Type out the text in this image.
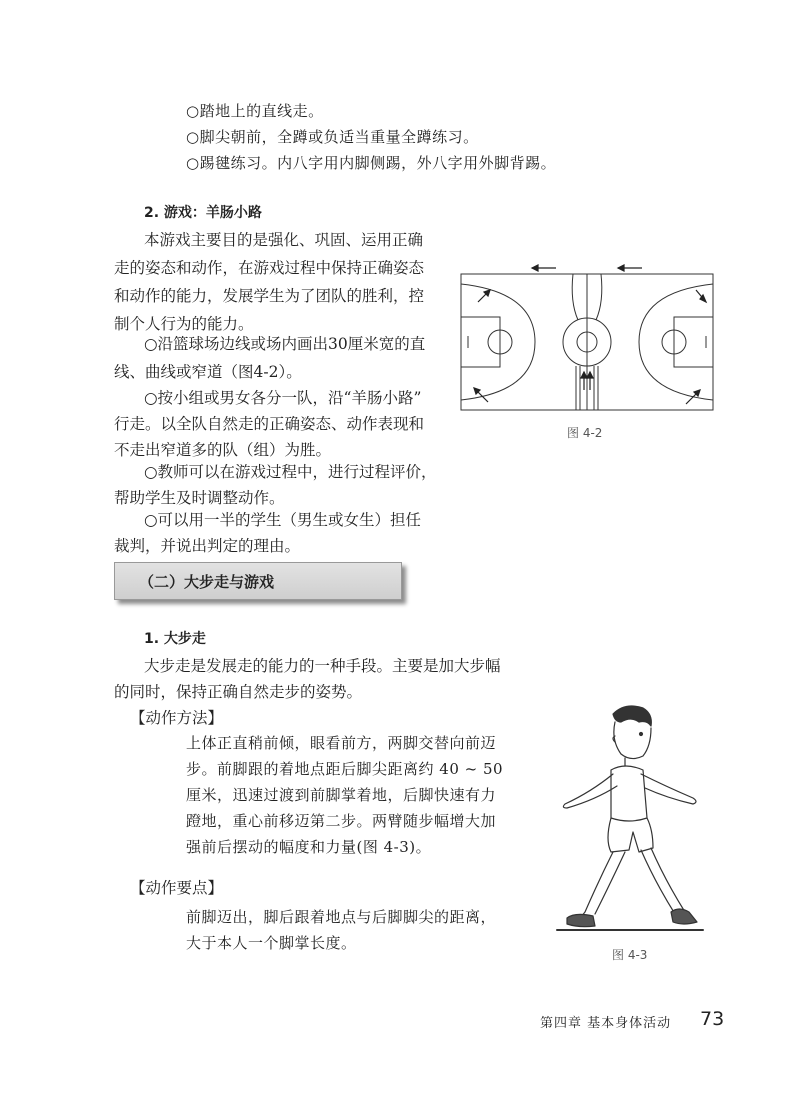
○踏地上的直线走。
○脚尖朝前，全蹲或负适当重量全蹲练习。
○踢毽练习。内八字用内脚侧踢，外八字用外脚背踢。
2. 游戏：羊肠小路
本游戏主要目的是强化、巩固、运用正确
走的姿态和动作，在游戏过程中保持正确姿态
和动作的能力，发展学生为了团队的胜利，控
制个人行为的能力。
○沿篮球场边线或场内画出30厘米宽的直
线、曲线或窄道（图4-2）。
○按小组或男女各分一队，沿“羊肠小路”
行走。以全队自然走的正确姿态、动作表现和
不走出窄道多的队（组）为胜。
○教师可以在游戏过程中，进行过程评价，
帮助学生及时调整动作。
○可以用一半的学生（男生或女生）担任
裁判，并说出判定的理由。
图 4-2
（二）大步走与游戏
1. 大步走
大步走是发展走的能力的一种手段。主要是加大步幅
的同时，保持正确自然走步的姿势。
【动作方法】
上体正直稍前倾，眼看前方，两脚交替向前迈
步。前脚跟的着地点距后脚尖距离约 40 ~ 50
厘米，迅速过渡到前脚掌着地，后脚快速有力
蹬地，重心前移迈第二步。两臂随步幅增大加
强前后摆动的幅度和力量(图 4-3)。
【动作要点】
前脚迈出，脚后跟着地点与后脚脚尖的距离，
大于本人一个脚掌长度。
图 4-3
第四章 基本身体活动 73
